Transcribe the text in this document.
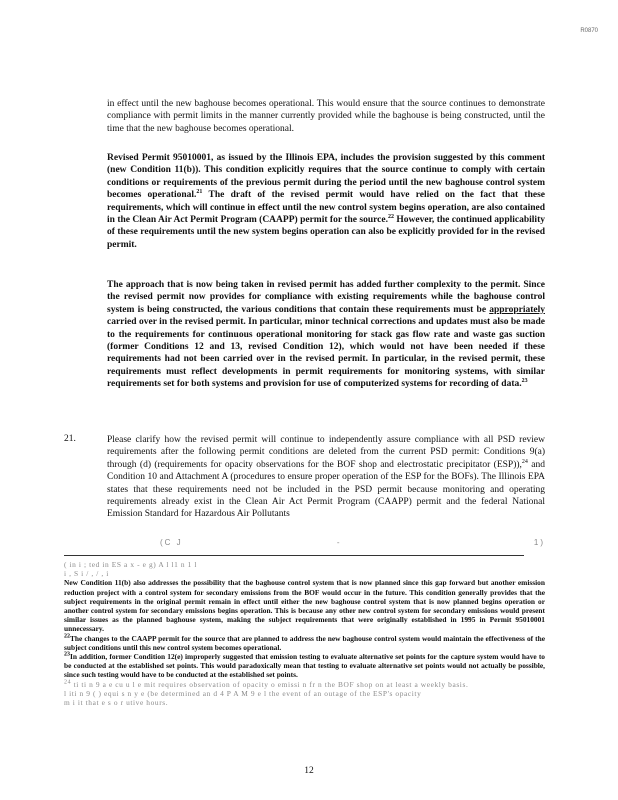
R0870

in effect until the new baghouse becomes operational. This would ensure that the source continues to demonstrate compliance with permit limits in the manner currently provided while the baghouse is being constructed, until the time that the new baghouse becomes operational.

Revised Permit 95010001, as issued by the Illinois EPA, includes the provision suggested by this comment (new Condition 11(b)). This condition explicitly requires that the source continue to comply with certain conditions or requirements of the previous permit during the period until the new baghouse control system becomes operational.$^{21}$ The draft of the revised permit would have relied on the fact that these requirements, which will continue in effect until the new control system begins operation, are also contained in the Clean Air Act Permit Program (CAAPP) permit for the source.$^{22}$ However, the continued applicability of these requirements until the new system begins operation can also be explicitly provided for in the revised permit.

The approach that is now being taken in revised permit has added further complexity to the permit. Since the revised permit now provides for compliance with existing requirements while the baghouse control system is being constructed, the various conditions that contain these requirements must be appropriately carried over in the revised permit. In particular, minor technical corrections and updates must also be made to the requirements for continuous operational monitoring for stack gas flow rate and waste gas suction (former Conditions 12 and 13, revised Condition 12), which would not have been needed if these requirements had not been carried over in the revised permit. In particular, in the revised permit, these requirements must reflect developments in permit requirements for monitoring systems, with similar requirements set for both systems and provision for use of computerized systems for recording of data.$^{23}$

21.	Please clarify how the revised permit will continue to independently assure compliance with all PSD review requirements after the following permit conditions are deleted from the current PSD permit: Conditions 9(a) through (d) (requirements for opacity observations for the BOF shop and electrostatic precipitator (ESP)),$^{24}$ and Condition 10 and Attachment A (procedures to ensure proper operation of the ESP for the BOFs). The Illinois EPA states that these requirements need not be included in the PSD permit because monitoring and operating requirements already exist in the Clean Air Act Permit Program (CAAPP) permit and the federal National Emission Standard for Hazardous Air Pollutants

(C J	-	1)

( in i ; ted in ES a x - e g) A l l1 n 1 l

i , S i / , / , i

New Condition 11(b) also addresses the possibility that the baghouse control system that is now planned since this gap forward but another emission reduction project with a control system for secondary emissions from the BOF would occur in the future. This condition generally provides that the subject requirements in the original permit remain in effect until either the new baghouse control system that is now planned begins operation or another control system for secondary emissions begins operation. This is because any other new control system for secondary emissions would present similar issues as the planned baghouse system, making the subject requirements that were originally established in 1995 in Permit 95010001 unnecessary.

$^{22}$The changes to the CAAPP permit for the source that are planned to address the new baghouse control system would maintain the effectiveness of the subject conditions until this new control system becomes operational.

$^{23}$In addition, former Condition 12(e) improperly suggested that emission testing to evaluate alternative set points for the capture system would have to be conducted at the established set points. This would paradoxically mean that testing to evaluate alternative set points would not actually be possible, since such testing would have to be conducted at the established set points.

$^{24}$ ti ti n 9 a e cu u l e mit requires observation of opacity o emissi n fr n the BOF shop on at least a weekly basis.

l iti n 9 ( ) equi s n y e (be determined an d 4 P A M 9 e l the event of an outage of the ESP's opacity

m i it that e s o r utive hours.

12
